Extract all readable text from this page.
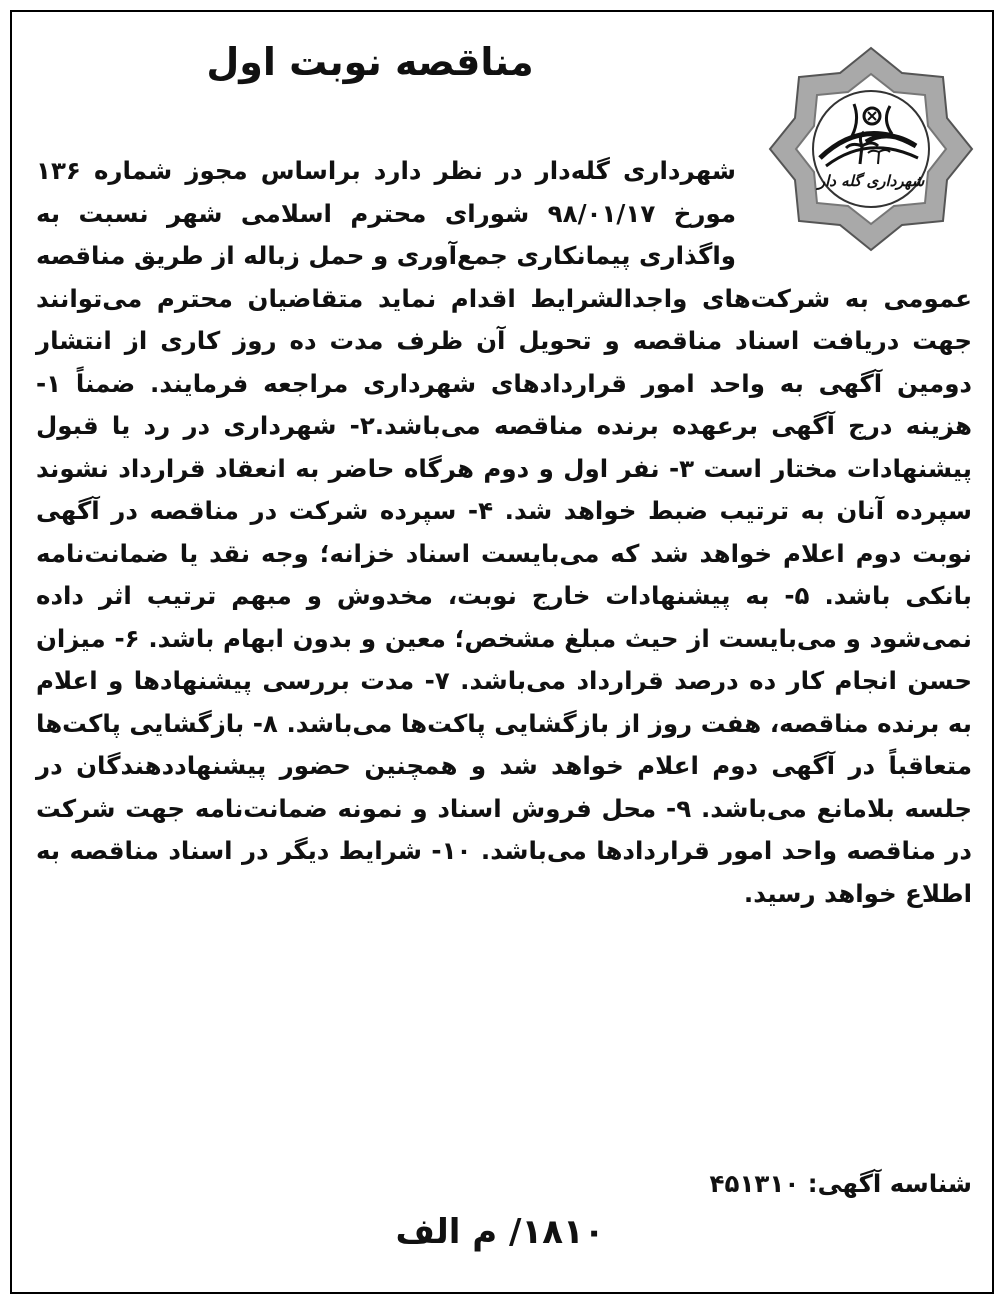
مناقصه نوبت اول
شهرداری گله دار

شهرداری گله‌دار در نظر دارد براساس مجوز شماره ۱۳۶ مورخ ۹۸/۰۱/۱۷ شورای محترم اسلامی شهر نسبت به واگذاری پیمانکاری جمع‌آوری و حمل زباله از طریق مناقصه عمومی به شرکت‌های واجدالشرایط اقدام نماید متقاضیان محترم می‌توانند جهت دریافت اسناد مناقصه و تحویل آن ظرف مدت ده روز کاری از انتشار دومین آگهی به واحد امور قراردادهای شهرداری مراجعه فرمایند. ضمناً ۱- هزینه درج آگهی برعهده برنده مناقصه می‌باشد.۲- شهرداری در رد یا قبول پیشنهادات مختار است ۳- نفر اول و دوم هرگاه حاضر به انعقاد قرارداد نشوند سپرده آنان به ترتیب ضبط خواهد شد. ۴- سپرده شرکت در مناقصه در آگهی نوبت دوم اعلام خواهد شد که می‌بایست اسناد خزانه؛ وجه نقد یا ضمانت‌نامه بانکی باشد. ۵- به پیشنهادات خارج نوبت، مخدوش و مبهم ترتیب اثر داده نمی‌شود و می‌بایست از حیث مبلغ مشخص؛ معین و بدون ابهام باشد. ۶- میزان حسن انجام کار ده درصد قرارداد می‌باشد. ۷- مدت بررسی پیشنهادها و اعلام به برنده مناقصه، هفت روز از بازگشایی پاکت‌ها می‌باشد. ۸- بازگشایی پاکت‌ها متعاقباً در آگهی دوم اعلام خواهد شد و همچنین حضور پیشنهاددهندگان در جلسه بلامانع می‌باشد. ۹- محل فروش اسناد و نمونه ضمانت‌نامه جهت شرکت در مناقصه واحد امور قراردادها می‌باشد. ۱۰- شرایط دیگر در اسناد مناقصه به اطلاع خواهد رسید.

شناسه آگهی: ۴۵۱۳۱۰

۱۸۱۰/ م الف
